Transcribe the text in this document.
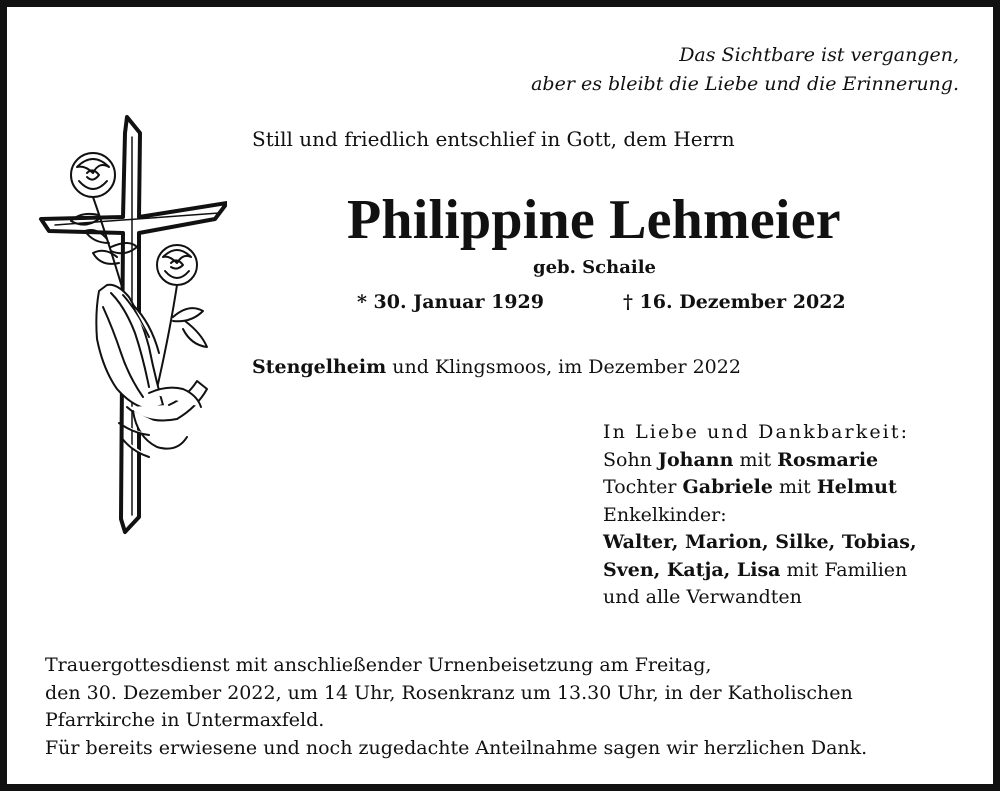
Das Sichtbare ist vergangen,
aber es bleibt die Liebe und die Erinnerung.
Still und friedlich entschlief in Gott, dem Herrn
Philippine Lehmeier
geb. Schaile
* 30. Januar 1929	† 16. Dezember 2022
Stengelheim und Klingsmoos, im Dezember 2022
In Liebe und Dankbarkeit:
Sohn Johann mit Rosmarie
Tochter Gabriele mit Helmut
Enkelkinder:
Walter, Marion, Silke, Tobias,
Sven, Katja, Lisa mit Familien
und alle Verwandten
Trauergottesdienst mit anschließender Urnenbeisetzung am Freitag,
den 30. Dezember 2022, um 14 Uhr, Rosenkranz um 13.30 Uhr, in der Katholischen
Pfarrkirche in Untermaxfeld.
Für bereits erwiesene und noch zugedachte Anteilnahme sagen wir herzlichen Dank.
